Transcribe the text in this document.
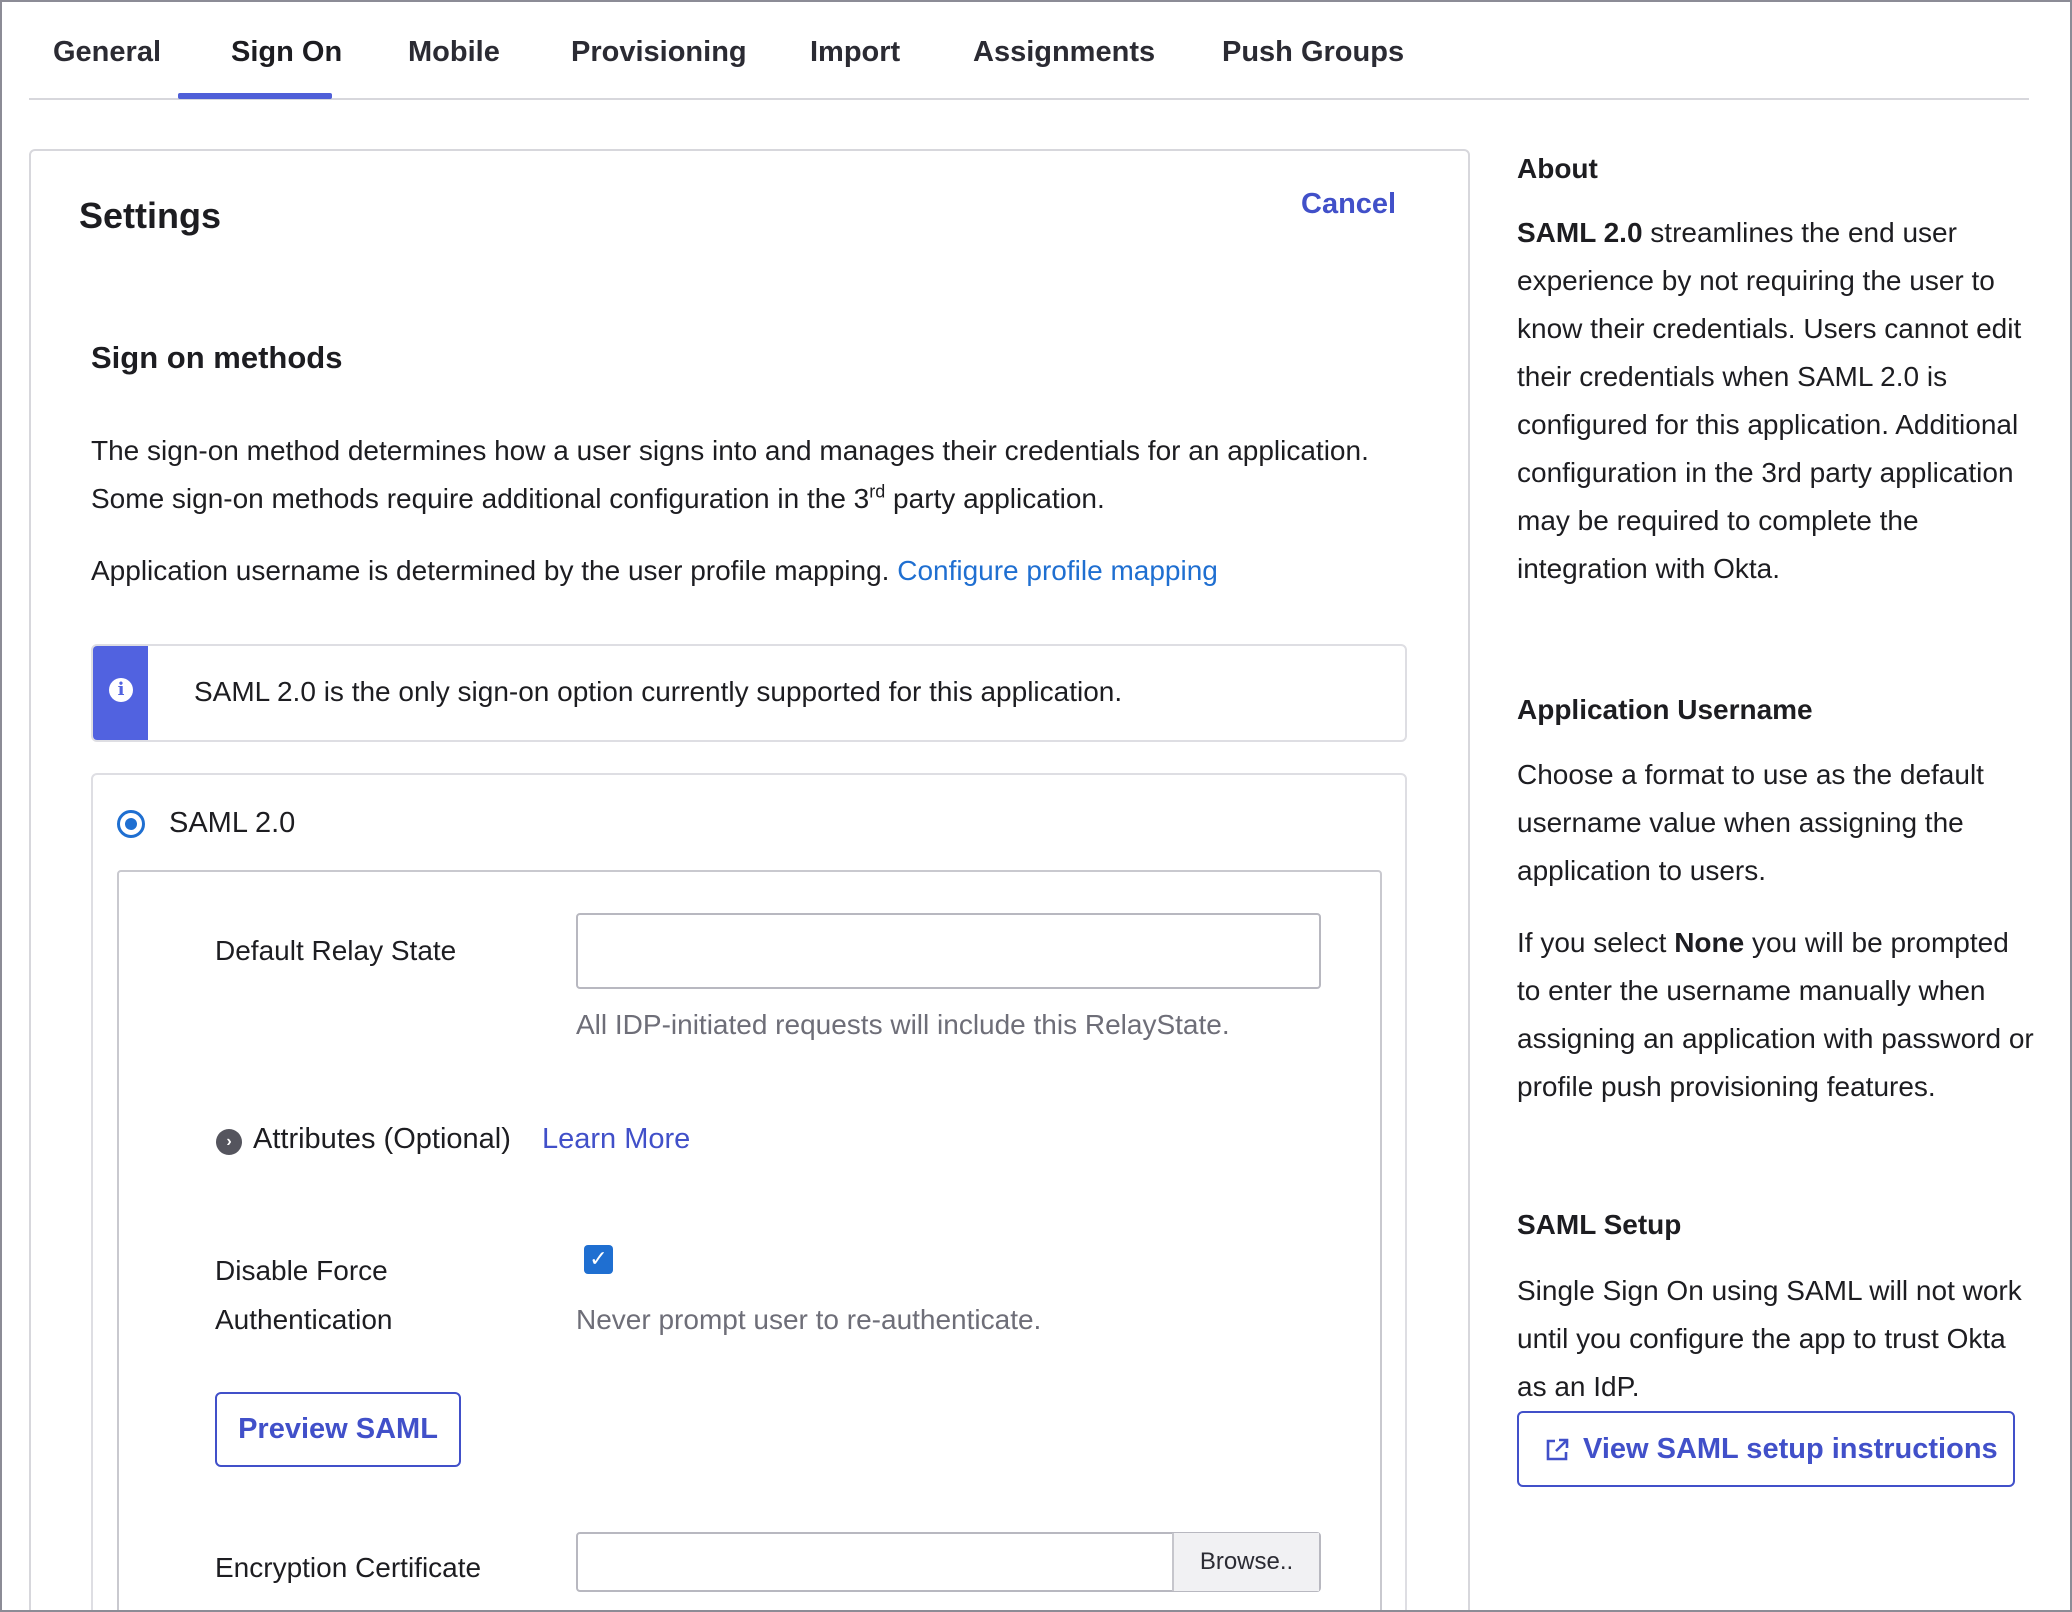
General Sign On Mobile Provisioning Import	Assignments Push Groups
Settings	Cancel
Sign on methods
The sign-on method determines how a user signs into and manages their credentials for an application. Some sign-on methods require additional configuration in the 3rd party application.
Application username is determined by the user profile mapping. Configure profile mapping
i	SAML 2.0 is the only sign-on option currently supported for this application.
SAML 2.0
Default Relay State
All IDP-initiated requests will include this RelayState.
› Attributes (Optional) Learn More
Disable Force
Authentication
✓
Never prompt user to re-authenticate.
Preview SAML
Encryption Certificate	Browse..
About
SAML 2.0 streamlines the end user experience by not requiring the user to know their credentials. Users cannot edit their credentials when SAML 2.0 is configured for this application. Additional configuration in the 3rd party application may be required to complete the integration with Okta.
Application Username
Choose a format to use as the default username value when assigning the application to users.
If you select None you will be prompted to enter the username manually when assigning an application with password or profile push provisioning features.
SAML Setup
Single Sign On using SAML will not work until you configure the app to trust Okta as an IdP.
View SAML setup instructions
